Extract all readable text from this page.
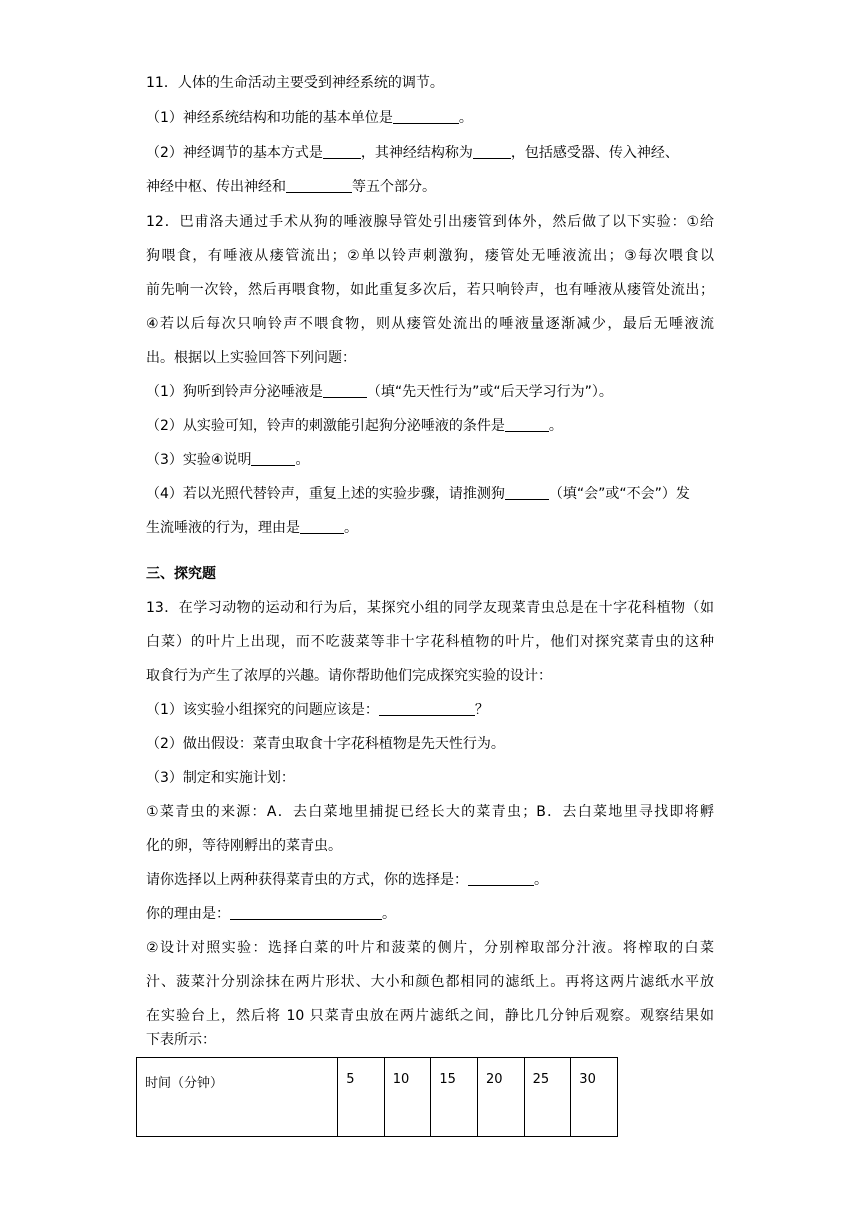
11．人体的生命活动主要受到神经系统的调节。
（1）神经系统结构和功能的基本单位是	。
（2）神经调节的基本方式是	，其神经结构称为	，包括感受器、传入神经、
神经中枢、传出神经和	等五个部分。
12．巴甫洛夫通过手术从狗的唾液腺导管处引出瘘管到体外，然后做了以下实验：①给
狗喂食，有唾液从瘘管流出；②单以铃声刺激狗，瘘管处无唾液流出；③每次喂食以
前先响一次铃，然后再喂食物，如此重复多次后，若只响铃声，也有唾液从瘘管处流出；
④若以后每次只响铃声不喂食物，则从瘘管处流出的唾液量逐渐减少，最后无唾液流
出。根据以上实验回答下列问题：
（1）狗听到铃声分泌唾液是	（填“先天性行为”或“后天学习行为”）。
（2）从实验可知，铃声的刺激能引起狗分泌唾液的条件是	。
（3）实验④说明	。
（4）若以光照代替铃声，重复上述的实验步骤，请推测狗	（填“会”或“不会”）发
生流唾液的行为，理由是	。
三、探究题
13．在学习动物的运动和行为后，某探究小组的同学友现菜青虫总是在十字花科植物（如
白菜）的叶片上出现，而不吃菠菜等非十字花科植物的叶片，他们对探究菜青虫的这种
取食行为产生了浓厚的兴趣。请你帮助他们完成探究实验的设计：
（1）该实验小组探究的问题应该是：	？
（2）做出假设：菜青虫取食十字花科植物是先天性行为。
（3）制定和实施计划：
①菜青虫的来源：A．去白菜地里捕捉已经长大的菜青虫；B．去白菜地里寻找即将孵
化的卵，等待刚孵出的菜青虫。
请你选择以上两种获得菜青虫的方式，你的选择是：	。
你的理由是：	。
②设计对照实验：选择白菜的叶片和菠菜的侧片，分别榨取部分汁液。将榨取的白菜
汁、菠菜汁分别涂抹在两片形状、大小和颜色都相同的滤纸上。再将这两片滤纸水平放
在实验台上，然后将 10 只菜青虫放在两片滤纸之间，静比几分钟后观察。观察结果如
下表所示：
时间（分钟）	5	10	15	20	25	30
